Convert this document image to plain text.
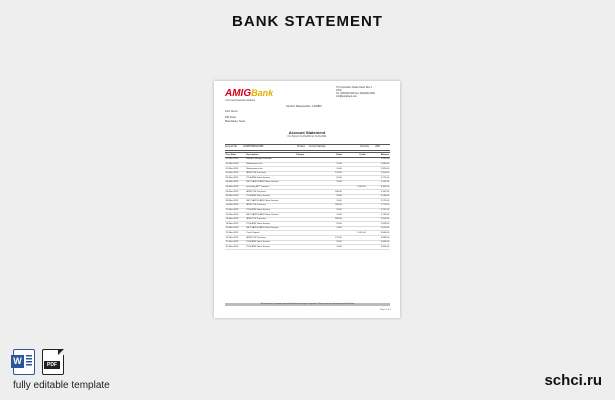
BANK STATEMENT
AMIGBank
Your local financial solutions
ITI Corporation Clarke Road, Box 2
CWO
Tel: (000)000-000 Fax: (000)000-0000
info@amigbank.com
Our Ref: Statement/No. 1-234567
John Simon

456 Street
Placeholder, Texas
Account Statement
For Period: 01-03-2024 to 31-03-2024
Account No. 1234567890123456	Product Current Savings	Currency USD
Post Date	Description	Cheque	Debit	Credit	Balance
01-Mar-2024	Balance Brought Forward				2,345.00
01-Mar-2024	Maintenance fee		15.00		2,330.00
02-Mar-2024	Maintenance fee		10.00		2,320.00
02-Mar-2024	ATM POS Purchase		120.00		2,200.00
03-Mar-2024	POS ATM Value Section		25.00		2,175.00
04-Mar-2024	NET SA/POS ATM Value Section		14.00		2,161.00
05-Mar-2024	Incoming EFT Transfer			1,200.00	3,361.00
06-Mar-2024	ATM POS Purchase		200.00		3,161.00
08-Mar-2024	POS ATM Value Section		25.00		3,136.00
09-Mar-2024	NET SA/POS ATM Value Section		14.00		3,122.00
10-Mar-2024	ATM POS Purchase		350.00		2,772.00
12-Mar-2024	POS ATM Value Section		25.00		2,747.00
14-Mar-2024	NET SA/POS ATM Value Section		14.00		2,733.00
16-Mar-2024	ATM POS Purchase		180.00		2,553.00
18-Mar-2024	POS ATM Value Section		25.00		2,528.00
20-Mar-2024	NET SA/POS ATM Value Section		14.00		2,514.00
22-Mar-2024	Cash Deposit			1,150.00	3,664.00
24-Mar-2024	ATM POS Purchase		175.00		3,489.00
27-Mar-2024	POS ATM Value Section		25.00		3,464.00
31-Mar-2024	POS ATM Value Section		14.00		3,450.00
This document is computer generated and does not require a signature. Please report any discrepancy within 30 days.
Page 1 of 1
W	PDF
fully editable template	schci.ru
